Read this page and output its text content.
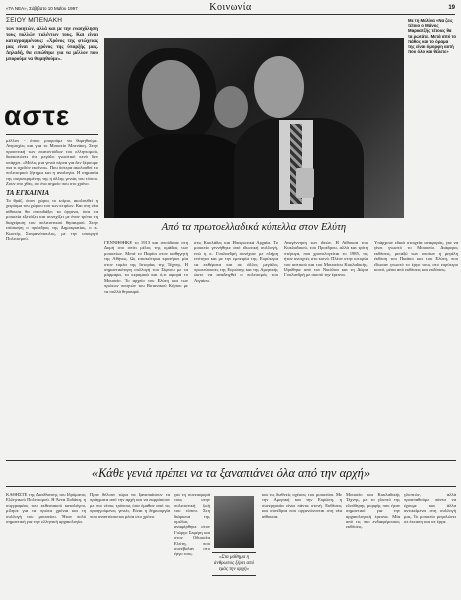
«ΤΑ ΝΕΑ», Σάββατο 10 Μαΐου 1997	Κοινωνία	19
ΣΕΙΟΥ ΜΠΕΝΑΚΗ
των ποιητών, αλλά και με την ενασχόληση τους πολλών ταλέντων τους. Και είναι καταγραμμένους: «Χρόνος της φτώχειας μας είναι ο χρόνος της ύπαρξής μας. Δηλαδή, θα ειπώθηκε για να μέλλον που μπορούμε να θυμηθούμε».
αστε
μέλλον - όπου μπορούμε να θυμηθούμε. Ανησυχίες και για το Μουσείο Μπενάκη. Στην προοπτική των εκατοντάδων του ελληνισμού, διαπιστώνει ότι μεγάλο γνωστικό κενό δεν υπάρχει. «Μόλις μια γενιά πέρνα για δεν ξέρουμε πια τι σχεδόν εκείνοι». Που ύστερα ακολουθεί το πολιτισμικό ζήτημα και η αναλογία. Η σημασία της συγκεκριμένης της η άλλης γενιάς του τόπου. Ζουν στο χθες, σε ένα σημείο που στο χρόνο.
ΤΑ ΕΓΚΑΙΝΙΑ
Το θράζ, όσον χώρος το κτίριο, ακολουθεί η χειρίσμα του χώρου του των κτιρίων. Και στη νέα αίθουσα θα σπουδάξει τα όργανα, όσα τα μουσεία εξετάζει και συνεχίζει με έναν τρόπο τη διαχείριση του πολιτιστικού θησαυρού. Στην επίσκεψη ο πρόεδρος της Δημοκρατίας, ο κ. Κωστής Στεφανόπουλος, με την υπουργό Πολιτισμού.
Με τη Μελίνα «Να ζεις τέτοιο ο Μάνος Μαρκατζής τέτοιες θα τα ρωτάτε. Μετά από το πάθος και το όραμα της είναι όμορφη αυτή που όλο και θέλετε»
Από τα πρωτοελλαδικά κύπελλα στον Ελύτη
ΓΕΝΝΗΘΗΚΕ το 1913 και σπούδασε στη Δομή στο σπίτι μέλος της ομάδας των μουσείων. Μετά το Παρίσι στον καθηγητή της Αθήνας. Ως επισκέπτρια κρατήσει μία στον τομέα της Ιστορίας της Τέχνης. Η σημαντικότερη συλλογή του Σίφνου με τα μάρμαρα, τα κεραμικά και ό,τι αφορά το Μουσείο. Το αρχείο του Ελύτη και των πρώτων ποιητών του Βοτανικού Κήπου με τα πολλά θησαυρά.
στις Κυκλάδες και Ηπειρωτικά Αρχαία. Το μουσείο γεννήθηκε από ιδιωτική συλλογή, ενώ η κ. Γουλανδρή συνέχισε με πλήρη ενότητα και με την εμπειρία της. Ευρύτερα τα εκθέματα και σε άλλες μεγάλες πρωτεύουσες της Ευρώπης και της Αμερικής ώστε να αναδειχθεί ο πολιτισμός του Αιγαίου.
Αναγέννηση των ιδεών. Η Αίθουσα του Κυκλαδικού, του Προέδρου, αλλά και τρίτη πτέρυγα, που χρονολογείται το 1985, τις ήταν ανοιχτές στο κοινό. Πλέον στην ιστορία του αστικού και του Μουσείου Κυκλαδικής. Ιδρύθηκε από τον Νικόλαο και τη Δώρα Γουλανδρή με σκοπό την έρευνα.
Υπάρχουν εδικά στοιχεία αναφοράς, για να γίνει γνωστό το Μουσείο. Διάφορες εκθέσεις, μεταξύ των οποίων η μεγάλη έκθεση του Πικάσο και του Ελύτη, που έδωσαν γνωστό το έργο τους στο ευρύτερο κοινό, μέσα από εκθέσεις και εκδόσεις.
«Κάθε γενιά πρέπει να τα ξαναπιάνει όλα από την αρχή»
ΚΑΘΗΣΤΕ της Διεύθυνσης του Ιδρύματος Ελληνικού Πολιτισμού. Η Άννα Ξυδάκη, η συγγραφέας του εκθεσιακού καταλόγου, μίλησε για τα πρώτα χρόνια και τη συλλογή του μουσείου. Ήταν πολύ σημαντική για την ελληνική αρχαιολογία.
Πριν θέλουν τώρα να ξαναπιάσουν τα πράγματα από την αρχή και να εκφράσουν με πιο νέους τρόπους όσα έμαθαν από τις προηγούμενες γενιές. Είναι η δημιουργία που αναπτύσσεται μέσα στο χρόνο.
για τη συνεισφορά τους στην πολιτιστική ζωή του τόπου. Στη διάρκεια της ομιλίας αναφέρθηκε στον Γιώργο Σεφέρη και στον Οδυσσέα Ελύτη, που συνέβαλαν στο έργο τους.
«Στα μάθημα η άνθρωπος ξέρει από εμάς την αρχή»
και τις διεθνείς σχέσεις του μουσείου. Με την Αμερική και την Ευρώπη, η συνεργασία είναι πάντα στενή. Εκθέσεις και συνέδρια που οργανώνονται στη νέα αίθουσα.
Μουσείο και Κυκλαδικής Τέχνης, με το γλυπτό της ελεύθερης μορφής που ήταν σημαντικό για την αρχαιολογική έρευνα. Μία από τις πιο ενδιαφέρουσες εκθέσεις.
γλυπτών, αλλά προσπαθούμε πάντα να έχουμε και άλλα αντικείμενα στη συλλογή μας. Το μουσείο μεγαλώνει σε έκταση και σε έργα.
